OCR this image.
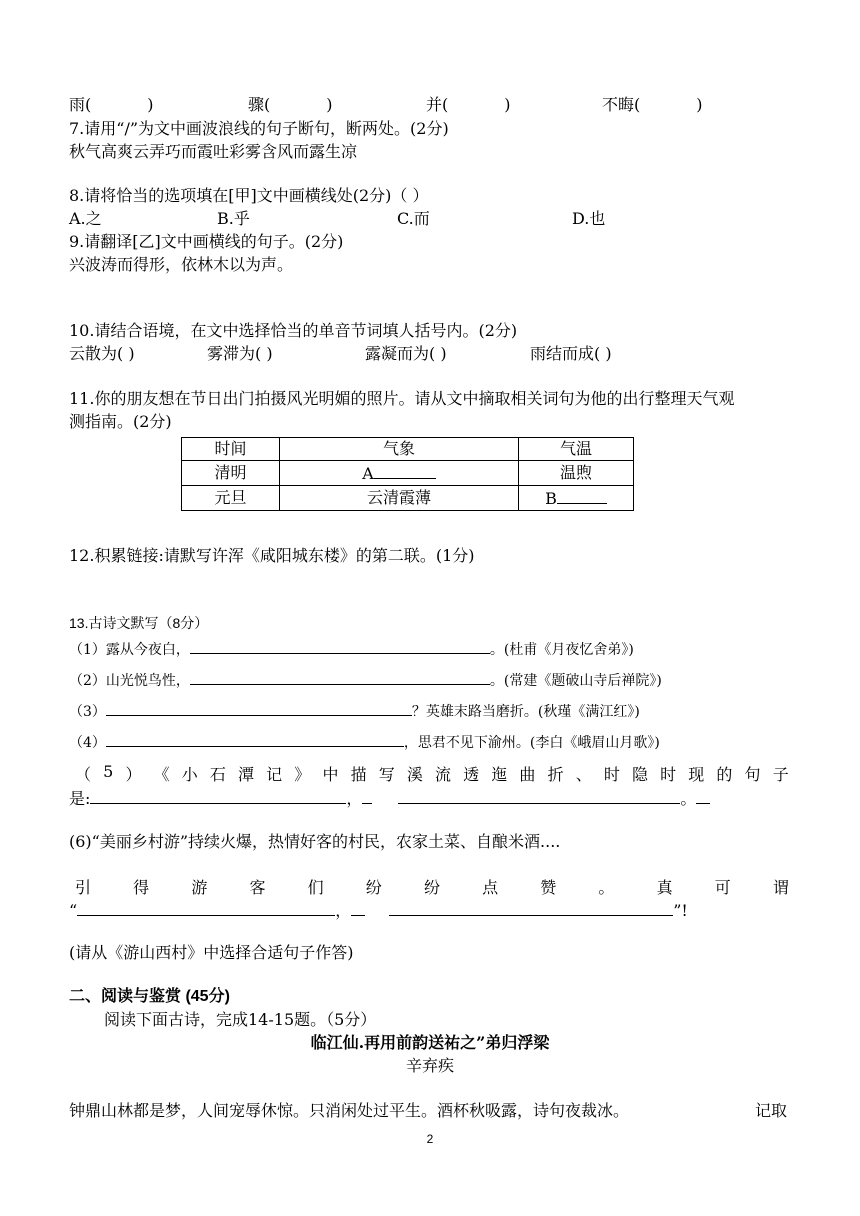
雨(	)	骤(	)	并(	)	不晦(	)
7.请用“/”为文中画波浪线的句子断句，断两处。(2分)
秋气高爽云弄巧而霞吐彩雾含风而露生凉
8.请将恰当的选项填在[甲]文中画横线处(2分)（ ）
A.之	B.乎	C.而	D.也
9.请翻译[乙]文中画横线的句子。(2分)
兴波涛而得形，依林木以为声。
10.请结合语境，在文中选择恰当的单音节词填人括号内。(2分)
云散为( )	雾滞为( )	露凝而为( )	雨结而成( )
11.你的朋友想在节日出门拍摄风光明媚的照片。请从文中摘取相关词句为他的出行整理天气观
测指南。(2分)
时间	气象	气温
清明	A	温煦
元旦	云清霞薄	B
12.积累链接:请默写许浑《咸阳城东楼》的第二联。(1分)
13.古诗文默写（8分）
（1）露从今夜白，	。(杜甫《月夜忆舍弟》)
（2）山光悦鸟性，	。(常建《题破山寺后禅院》)
（3）	？英雄末路当磨折。(秋瑾《满江红》)
（4）	，思君不见下渝州。(李白《峨眉山月歌》)
（ 5 ） 《 小 石 潭 记 》 中 描 写 溪 流 透 迤 曲 折 、 时 隐 时 现 的 句 子
是:	，	。
(6)“美丽乡村游”持续火爆，热情好客的村民，农家土菜、自酿米酒....
引	得	游	客	们	纷	纷	点	赞	。	真	可	谓
“	，	”!
(请从《游山西村》中选择合适句子作答)
二、阅读与鉴赏 (45分)
阅读下面古诗，完成14-15题。（5分）
临江仙.再用前韵送祐之”弟归浮梁
辛弃疾
钟鼎山林都是梦，人间宠辱休惊。只消闲处过平生。酒杯秋吸露，诗句夜裁冰。	记取
2
